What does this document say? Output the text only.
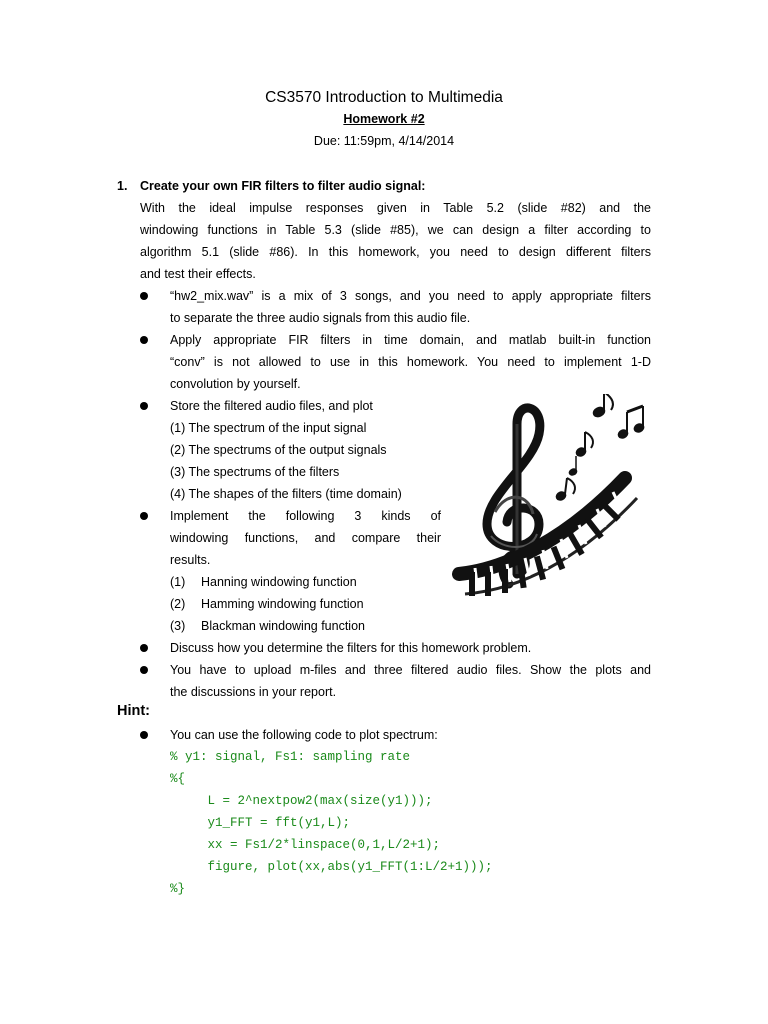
CS3570 Introduction to Multimedia
Homework #2
Due: 11:59pm, 4/14/2014
1. Create your own FIR filters to filter audio signal:
With the ideal impulse responses given in Table 5.2 (slide #82) and the
windowing functions in Table 5.3 (slide #85), we can design a filter according to
algorithm 5.1 (slide #86). In this homework, you need to design different filters
and test their effects.
“hw2_mix.wav” is a mix of 3 songs, and you need to apply appropriate filters
to separate the three audio signals from this audio file.
Apply appropriate FIR filters in time domain, and matlab built-in function
“conv” is not allowed to use in this homework. You need to implement 1-D
convolution by yourself.
Store the filtered audio files, and plot
(1) The spectrum of the input signal
(2) The spectrums of the output signals
(3) The spectrums of the filters
(4) The shapes of the filters (time domain)
Implement the following 3 kinds of
windowing functions, and compare their
results.
(1) Hanning windowing function
(2) Hamming windowing function
(3) Blackman windowing function
Discuss how you determine the filters for this homework problem.
You have to upload m-files and three filtered audio files. Show the plots and
the discussions in your report.
Hint:
You can use the following code to plot spectrum:
% y1: signal, Fs1: sampling rate
%{
L = 2^nextpow2(max(size(y1)));
y1_FFT = fft(y1,L);
xx = Fs1/2*linspace(0,1,L/2+1);
figure, plot(xx,abs(y1_FFT(1:L/2+1)));
%}
